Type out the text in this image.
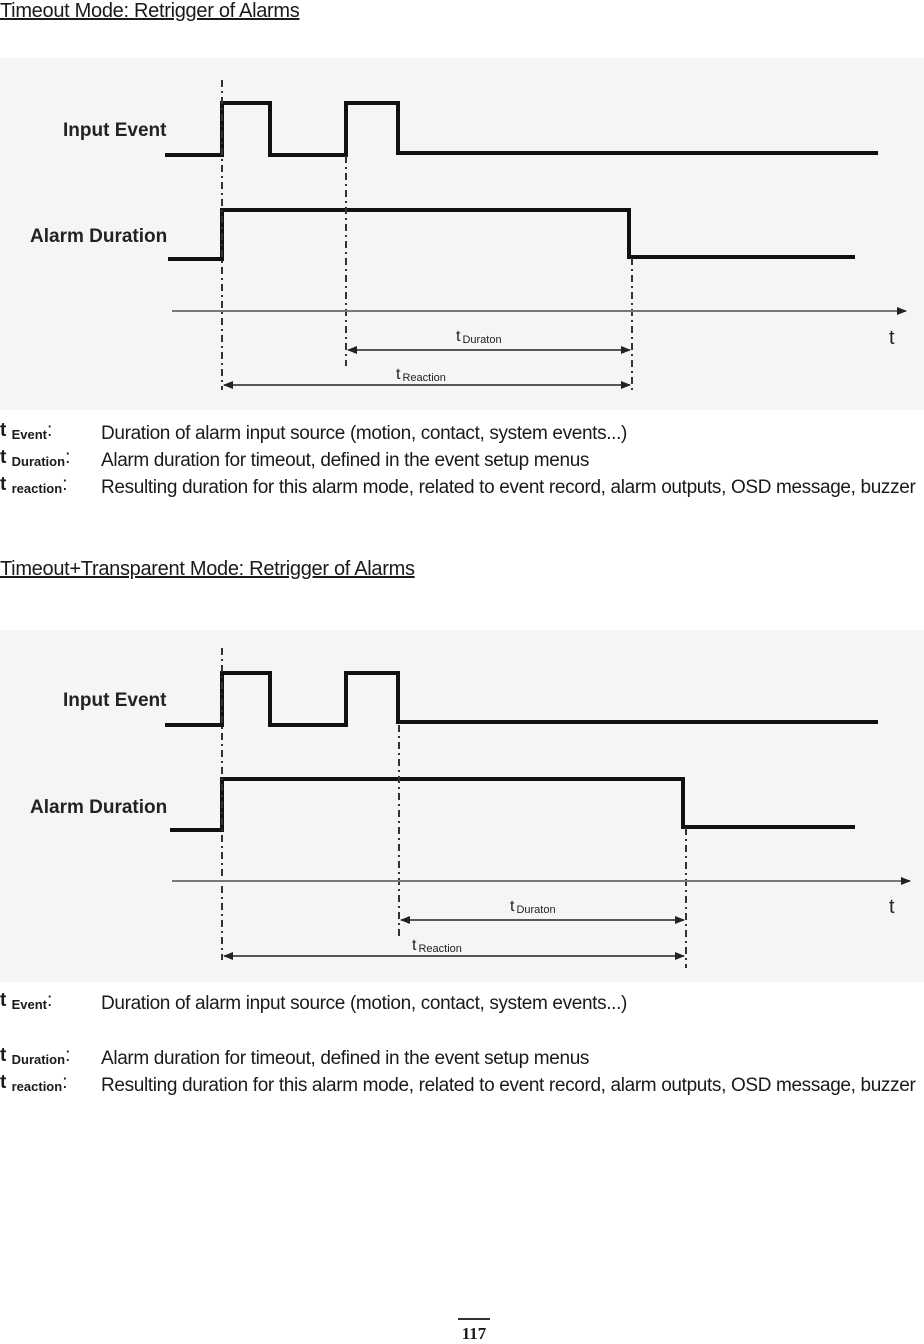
Timeout Mode: Retrigger of Alarms
Input Event
Alarm Duration
t
t Duraton
t Reaction
t Event:	Duration of alarm input source (motion, contact, system events...)
t Duration: Alarm duration for timeout, defined in the event setup menus
t reaction: Resulting duration for this alarm mode, related to event record, alarm outputs, OSD message, buzzer
Timeout+Transparent Mode: Retrigger of Alarms
Input Event
Alarm Duration
t
t Duraton
t Reaction
t Event:	Duration of alarm input source (motion, contact, system events...)
t Duration: Alarm duration for timeout, defined in the event setup menus
t reaction: Resulting duration for this alarm mode, related to event record, alarm outputs, OSD message, buzzer
117
